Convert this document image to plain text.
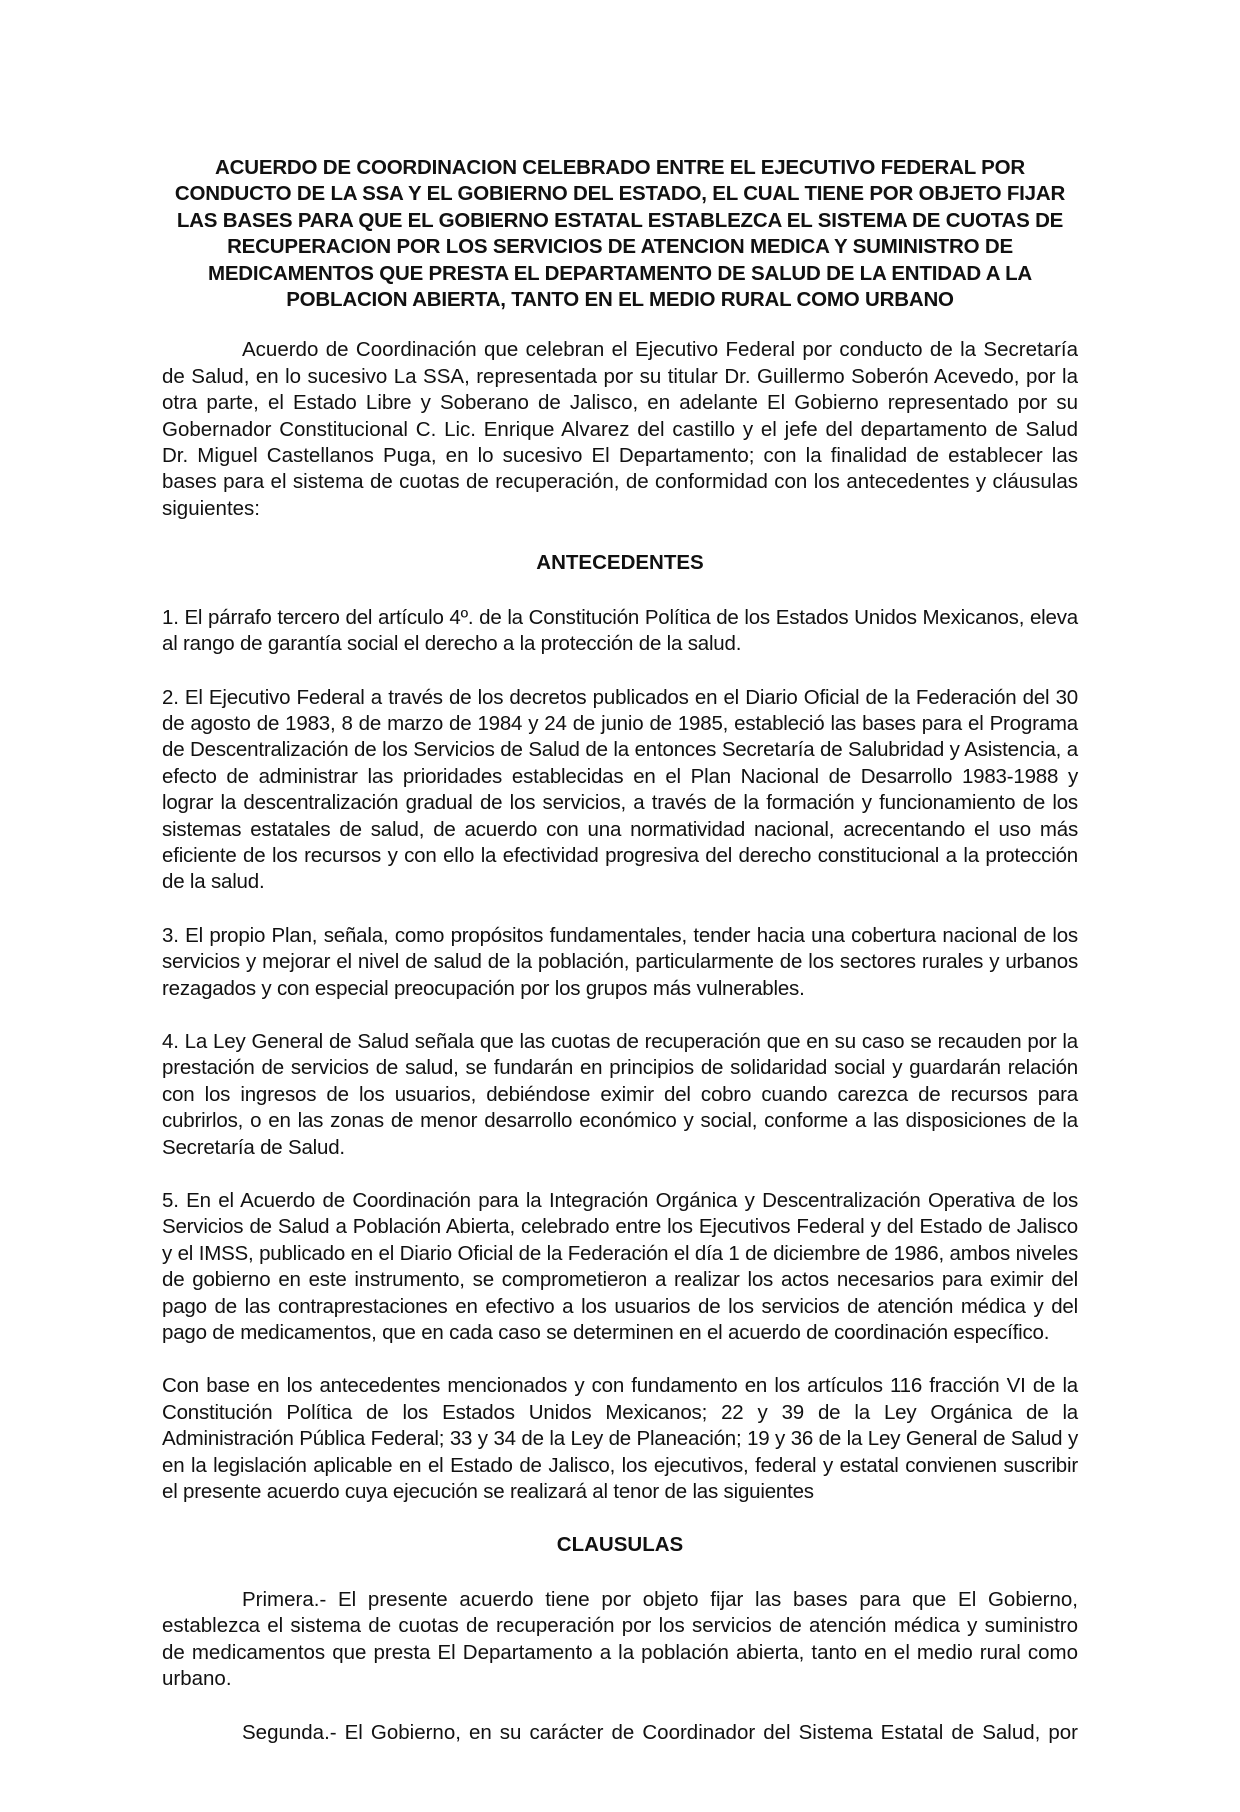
ACUERDO DE COORDINACION CELEBRADO ENTRE EL EJECUTIVO FEDERAL POR CONDUCTO DE LA SSA Y EL GOBIERNO DEL ESTADO, EL CUAL TIENE POR OBJETO FIJAR LAS BASES PARA QUE EL GOBIERNO ESTATAL ESTABLEZCA EL SISTEMA DE CUOTAS DE RECUPERACION POR LOS SERVICIOS DE ATENCION MEDICA Y SUMINISTRO DE MEDICAMENTOS QUE PRESTA EL DEPARTAMENTO DE SALUD DE LA ENTIDAD A LA POBLACION ABIERTA, TANTO EN EL MEDIO RURAL COMO URBANO

Acuerdo de Coordinación que celebran el Ejecutivo Federal por conducto de la Secretaría de Salud, en lo sucesivo La SSA, representada por su titular Dr. Guillermo Soberón Acevedo, por la otra parte, el Estado Libre y Soberano de Jalisco, en adelante El Gobierno representado por su Gobernador Constitucional C. Lic. Enrique Alvarez del castillo y el jefe del departamento de Salud Dr. Miguel Castellanos Puga, en lo sucesivo El Departamento; con la finalidad de establecer las bases para el sistema de cuotas de recuperación, de conformidad con los antecedentes y cláusulas siguientes:

ANTECEDENTES

1. El párrafo tercero del artículo 4º. de la Constitución Política de los Estados Unidos Mexicanos, eleva al rango de garantía social el derecho a la protección de la salud.

2. El Ejecutivo Federal a través de los decretos publicados en el Diario Oficial de la Federación del 30 de agosto de 1983, 8 de marzo de 1984 y 24 de junio de 1985, estableció las bases para el Programa de Descentralización de los Servicios de Salud de la entonces Secretaría de Salubridad y Asistencia, a efecto de administrar las prioridades establecidas en el Plan Nacional de Desarrollo 1983-1988 y lograr la descentralización gradual de los servicios, a través de la formación y funcionamiento de los sistemas estatales de salud, de acuerdo con una normatividad nacional, acrecentando el uso más eficiente de los recursos y con ello la efectividad progresiva del derecho constitucional a la protección de la salud.

3. El propio Plan, señala, como propósitos fundamentales, tender hacia una cobertura nacional de los servicios y mejorar el nivel de salud de la población, particularmente de los sectores rurales y urbanos rezagados y con especial preocupación por los grupos más vulnerables.

4. La Ley General de Salud señala que las cuotas de recuperación que en su caso se recauden por la prestación de servicios de salud, se fundarán en principios de solidaridad social y guardarán relación con los ingresos de los usuarios, debiéndose eximir del cobro cuando carezca de recursos para cubrirlos, o en las zonas de menor desarrollo económico y social, conforme a las disposiciones de la Secretaría de Salud.

5. En el Acuerdo de Coordinación para la Integración Orgánica y Descentralización Operativa de los Servicios de Salud a Población Abierta, celebrado entre los Ejecutivos Federal y del Estado de Jalisco y el IMSS, publicado en el Diario Oficial de la Federación el día 1 de diciembre de 1986, ambos niveles de gobierno en este instrumento, se comprometieron a realizar los actos necesarios para eximir del pago de las contraprestaciones en efectivo a los usuarios de los servicios de atención médica y del pago de medicamentos, que en cada caso se determinen en el acuerdo de coordinación específico.

Con base en los antecedentes mencionados y con fundamento en los artículos 116 fracción VI de la Constitución Política de los Estados Unidos Mexicanos; 22 y 39 de la Ley Orgánica de la Administración Pública Federal; 33 y 34 de la Ley de Planeación; 19 y 36 de la Ley General de Salud y en la legislación aplicable en el Estado de Jalisco, los ejecutivos, federal y estatal convienen suscribir el presente acuerdo cuya ejecución se realizará al tenor de las siguientes

CLAUSULAS

Primera.- El presente acuerdo tiene por objeto fijar las bases para que El Gobierno, establezca el sistema de cuotas de recuperación por los servicios de atención médica y suministro de medicamentos que presta El Departamento a la población abierta, tanto en el medio rural como urbano.

Segunda.- El Gobierno, en su carácter de Coordinador del Sistema Estatal de Salud, por
